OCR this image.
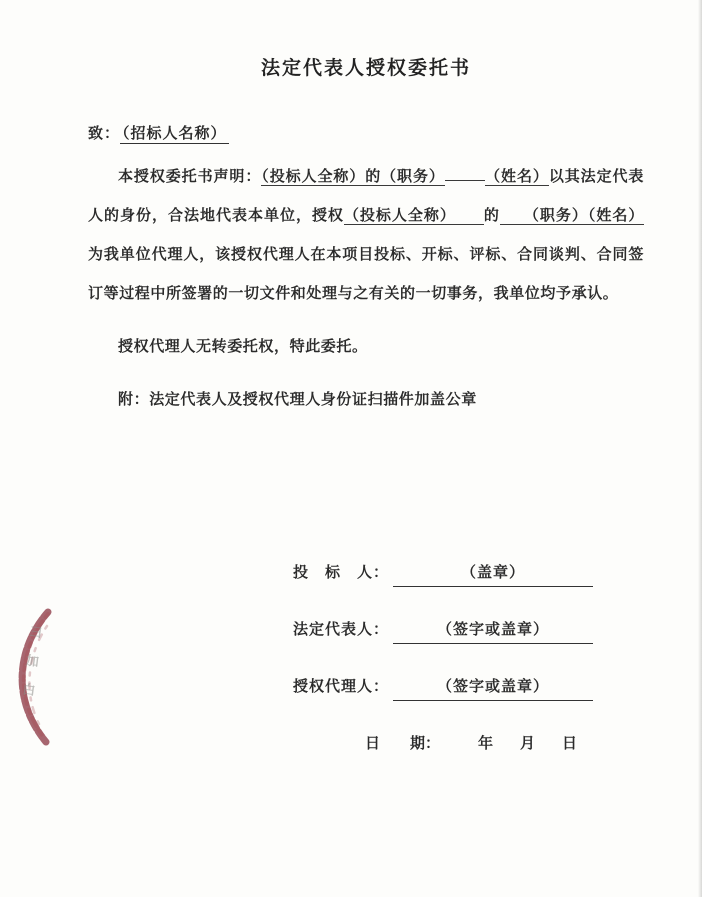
法定代表人授权委托书
致： （招标人名称）

本授权委托书声明：（投标人全称）的（职务）	（姓名）以其法定代表人的身份，合法地代表本单位，授权（投标人全称） 的 （职务）（姓名）为我单位代理人，该授权代理人在本项目投标、开标、评标、合同谈判、合同签订等过程中所签署的一切文件和处理与之有关的一切事务，我单位均予承认。

授权代理人无转委托权，特此委托。

附：法定代表人及授权代理人身份证扫描件加盖公章

投　标　人：	（盖章）
法定代表人：	（签字或盖章）
授权代理人：	（签字或盖章）
日　　期：	年　月　日
彐
加
白
